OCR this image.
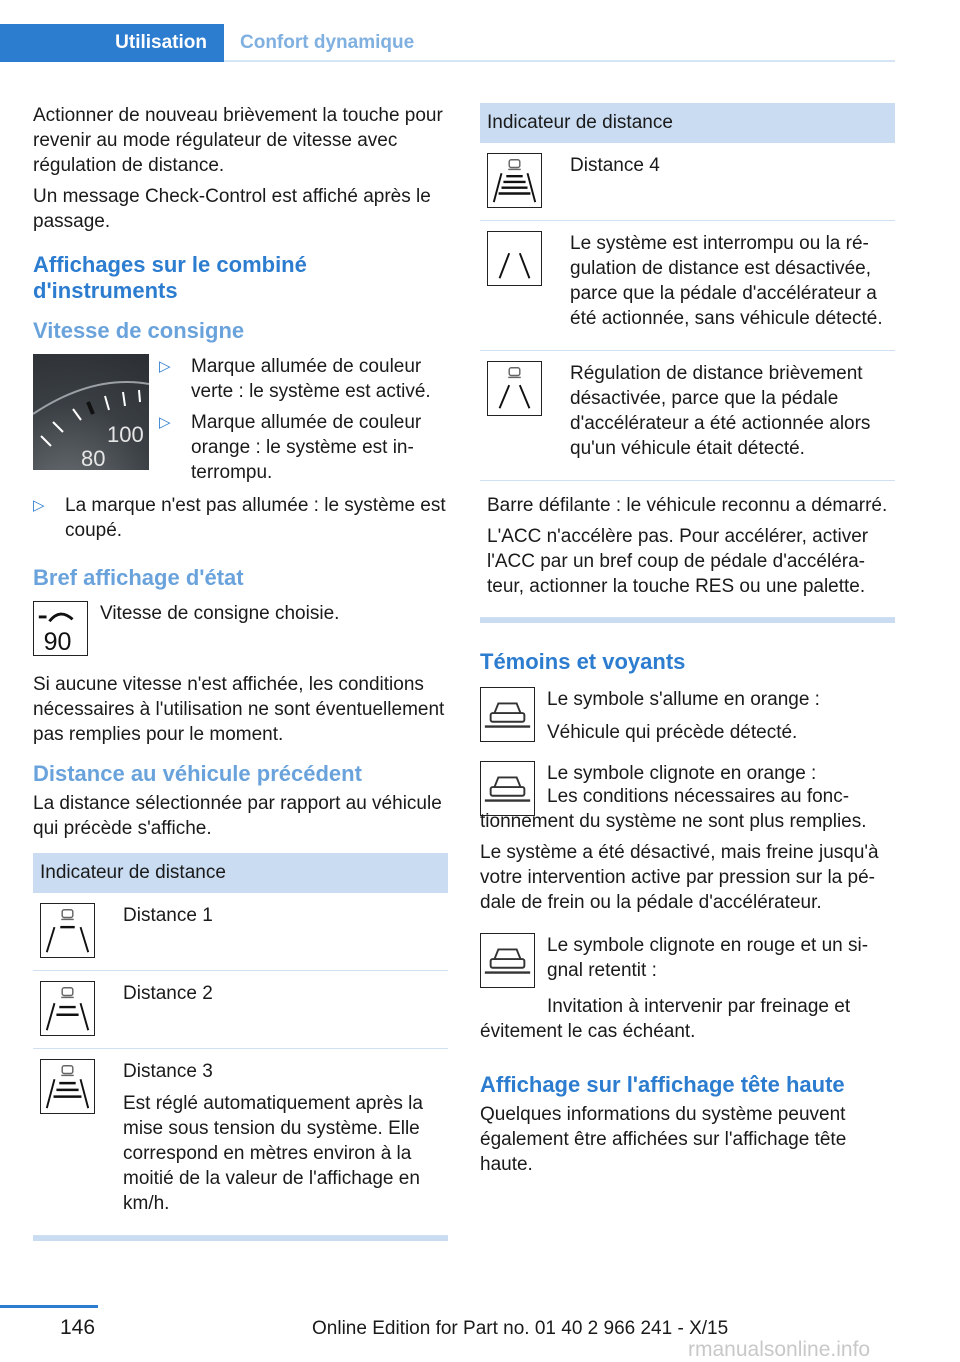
Utilisation	Confort dynamique

Actionner de nouveau brièvement la touche pour revenir au mode régulateur de vitesse avec régulation de distance.

Un message Check-Control est affiché après le passage.

Affichages sur le combiné d'instruments
Vitesse de consigne
100
80
▷ Marque allumée de couleur verte : le système est activé.
▷ Marque allumée de couleur orange : le système est interrompu.
▷ La marque n'est pas allumée : le système est coupé.
Bref affichage d'état
90

Vitesse de consigne choisie.

Si aucune vitesse n'est affichée, les conditions nécessaires à l'utilisation ne sont éventuellement pas remplies pour le moment.

Distance au véhicule précédent

La distance sélectionnée par rapport au véhicule qui précède s'affiche.

Indicateur de distance

Distance 1

Distance 2

Distance 3

Est réglé automatiquement après la mise sous tension du système. Elle correspond en mètres environ à la moitié de la valeur de l'affichage en km/h.

Indicateur de distance

Distance 4

Le système est interrompu ou la régulation de distance est désactivée, parce que la pédale d'accélérateur a été actionnée, sans véhicule détecté.

Régulation de distance brièvement désactivée, parce que la pédale d'accélérateur a été actionnée alors qu'un véhicule était détecté.

Barre défilante : le véhicule reconnu a démarré.

L'ACC n'accélère pas. Pour accélérer, activer l'ACC par un bref coup de pédale d'accélérateur, actionner la touche RES ou une palette.

Témoins et voyants

Le symbole s'allume en orange :

Véhicule qui précède détecté.

Le symbole clignote en orange :

Les conditions nécessaires au fonctionnement du système ne sont plus remplies.

Le système a été désactivé, mais freine jusqu'à votre intervention active par pression sur la pédale de frein ou la pédale d'accélérateur.

Le symbole clignote en rouge et un signal retentit :

Invitation à intervenir par freinage et évitement le cas échéant.

Affichage sur l'affichage tête haute

Quelques informations du système peuvent également être affichées sur l'affichage tête haute.

146	Online Edition for Part no. 01 40 2 966 241 - X/15
rmanualsonline.info
